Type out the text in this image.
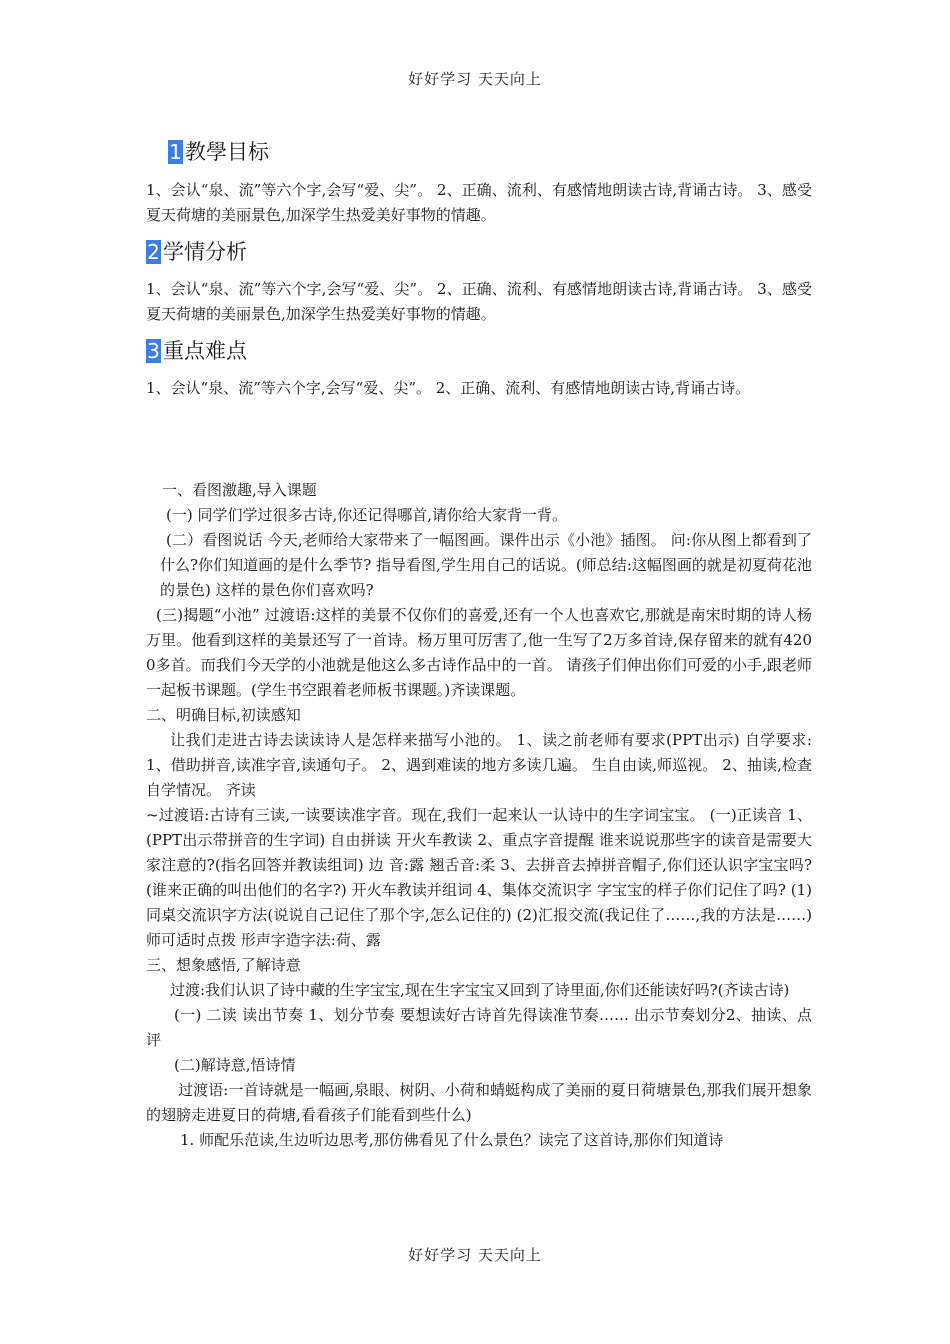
好好学习 天天向上
1 教學目标

1、会认“泉、流”等六个字,会写“爱、尖”。 2、正确、流利、有感情地朗读古诗,背诵古诗。 3、感受夏天荷塘的美丽景色,加深学生热爱美好事物的情趣。

2 学情分析

1、会认“泉、流”等六个字,会写“爱、尖”。 2、正确、流利、有感情地朗读古诗,背诵古诗。 3、感受夏天荷塘的美丽景色,加深学生热爱美好事物的情趣。

3 重点难点

1、会认“泉、流”等六个字,会写“爱、尖”。 2、正确、流利、有感情地朗读古诗,背诵古诗。

一、看图激趣,导入课题

(一) 同学们学过很多古诗,你还记得哪首,请你给大家背一背。

(二）看图说话 今天,老师给大家带来了一幅图画。课件出示《小池》插图。 问:你从图上都看到了什么?你们知道画的是什么季节? 指导看图,学生用自己的话说。(师总结:这幅图画的就是初夏荷花池的景色) 这样的景色你们喜欢吗?

(三)揭题“小池” 过渡语:这样的美景不仅你们的喜爱,还有一个人也喜欢它,那就是南宋时期的诗人杨万里。他看到这样的美景还写了一首诗。杨万里可厉害了,他一生写了2万多首诗,保存留来的就有4200多首。而我们今天学的小池就是他这么多古诗作品中的一首。 请孩子们伸出你们可爱的小手,跟老师一起板书课题。(学生书空跟着老师板书课题。)齐读课题。

二、明确目标,初读感知

让我们走进古诗去读读诗人是怎样来描写小池的。 1、读之前老师有要求(PPT出示) 自学要求:1、借助拼音,读准字音,读通句子。 2、遇到难读的地方多读几遍。 生自由读,师巡视。 2、抽读,检查自学情况。 齐读

~过渡语:古诗有三读,一读要读准字音。现在,我们一起来认一认诗中的生字词宝宝。 (一)正读音 1、(PPT出示带拼音的生字词) 自由拼读 开火车教读 2、重点字音提醒 谁来说说那些字的读音是需要大家注意的?(指名回答并教读组词) 边 音:露 翘舌音:柔 3、去拼音去掉拼音帽子,你们还认识字宝宝吗? (谁来正确的叫出他们的名字?) 开火车教读并组词 4、集体交流识字 字宝宝的样子你们记住了吗? (1)同桌交流识字方法(说说自己记住了那个字,怎么记住的) (2)汇报交流(我记住了……,我的方法是……) 师可适时点拨 形声字造字法:荷、露

三、想象感悟,了解诗意

过渡:我们认识了诗中藏的生字宝宝,现在生字宝宝又回到了诗里面,你们还能读好吗?(齐读古诗)

(一) 二读 读出节奏 1、划分节奏 要想读好古诗首先得读准节奏…… 出示节奏划分2、抽读、点评

(二)解诗意,悟诗情

过渡语:一首诗就是一幅画,泉眼、树阴、小荷和蜻蜓构成了美丽的夏日荷塘景色,那我们展开想象的翅膀走进夏日的荷塘,看看孩子们能看到些什么)

1. 师配乐范读,生边听边思考,那仿佛看见了什么景色？读完了这首诗,那你们知道诗

好好学习 天天向上
